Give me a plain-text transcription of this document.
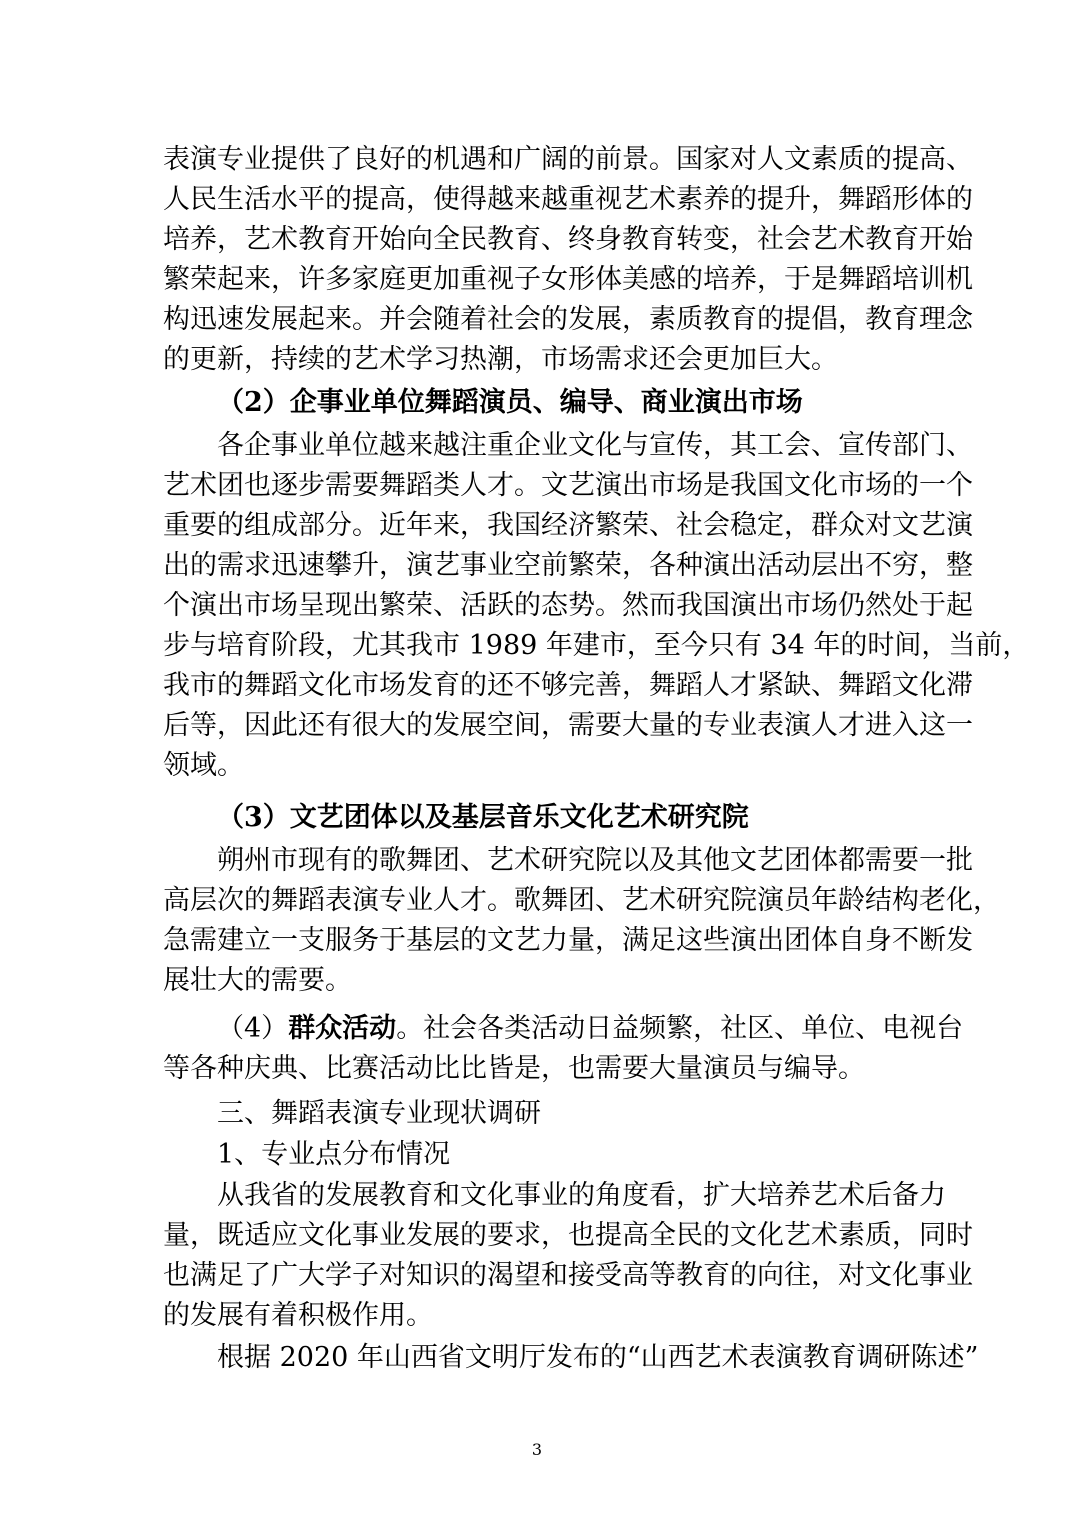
表演专业提供了良好的机遇和广阔的前景。国家对人文素质的提高、
人民生活水平的提高，使得越来越重视艺术素养的提升，舞蹈形体的
培养，艺术教育开始向全民教育、终身教育转变，社会艺术教育开始
繁荣起来，许多家庭更加重视子女形体美感的培养，于是舞蹈培训机
构迅速发展起来。并会随着社会的发展，素质教育的提倡，教育理念
的更新，持续的艺术学习热潮，市场需求还会更加巨大。
（2）企事业单位舞蹈演员、编导、商业演出市场
各企事业单位越来越注重企业文化与宣传，其工会、宣传部门、
艺术团也逐步需要舞蹈类人才。文艺演出市场是我国文化市场的一个
重要的组成部分。近年来，我国经济繁荣、社会稳定，群众对文艺演
出的需求迅速攀升，演艺事业空前繁荣，各种演出活动层出不穷，整
个演出市场呈现出繁荣、活跃的态势。然而我国演出市场仍然处于起
步与培育阶段，尤其我市 1989 年建市，至今只有 34 年的时间，当前，
我市的舞蹈文化市场发育的还不够完善，舞蹈人才紧缺、舞蹈文化滞
后等，因此还有很大的发展空间，需要大量的专业表演人才进入这一
领域。
（3）文艺团体以及基层音乐文化艺术研究院
朔州市现有的歌舞团、艺术研究院以及其他文艺团体都需要一批
高层次的舞蹈表演专业人才。歌舞团、艺术研究院演员年龄结构老化，
急需建立一支服务于基层的文艺力量，满足这些演出团体自身不断发
展壮大的需要。
（4）群众活动。社会各类活动日益频繁，社区、单位、电视台
等各种庆典、比赛活动比比皆是，也需要大量演员与编导。
三、舞蹈表演专业现状调研
1、专业点分布情况
从我省的发展教育和文化事业的角度看，扩大培养艺术后备力
量，既适应文化事业发展的要求，也提高全民的文化艺术素质，同时
也满足了广大学子对知识的渴望和接受高等教育的向往，对文化事业
的发展有着积极作用。
根据 2020 年山西省文明厅发布的“山西艺术表演教育调研陈述”
3
